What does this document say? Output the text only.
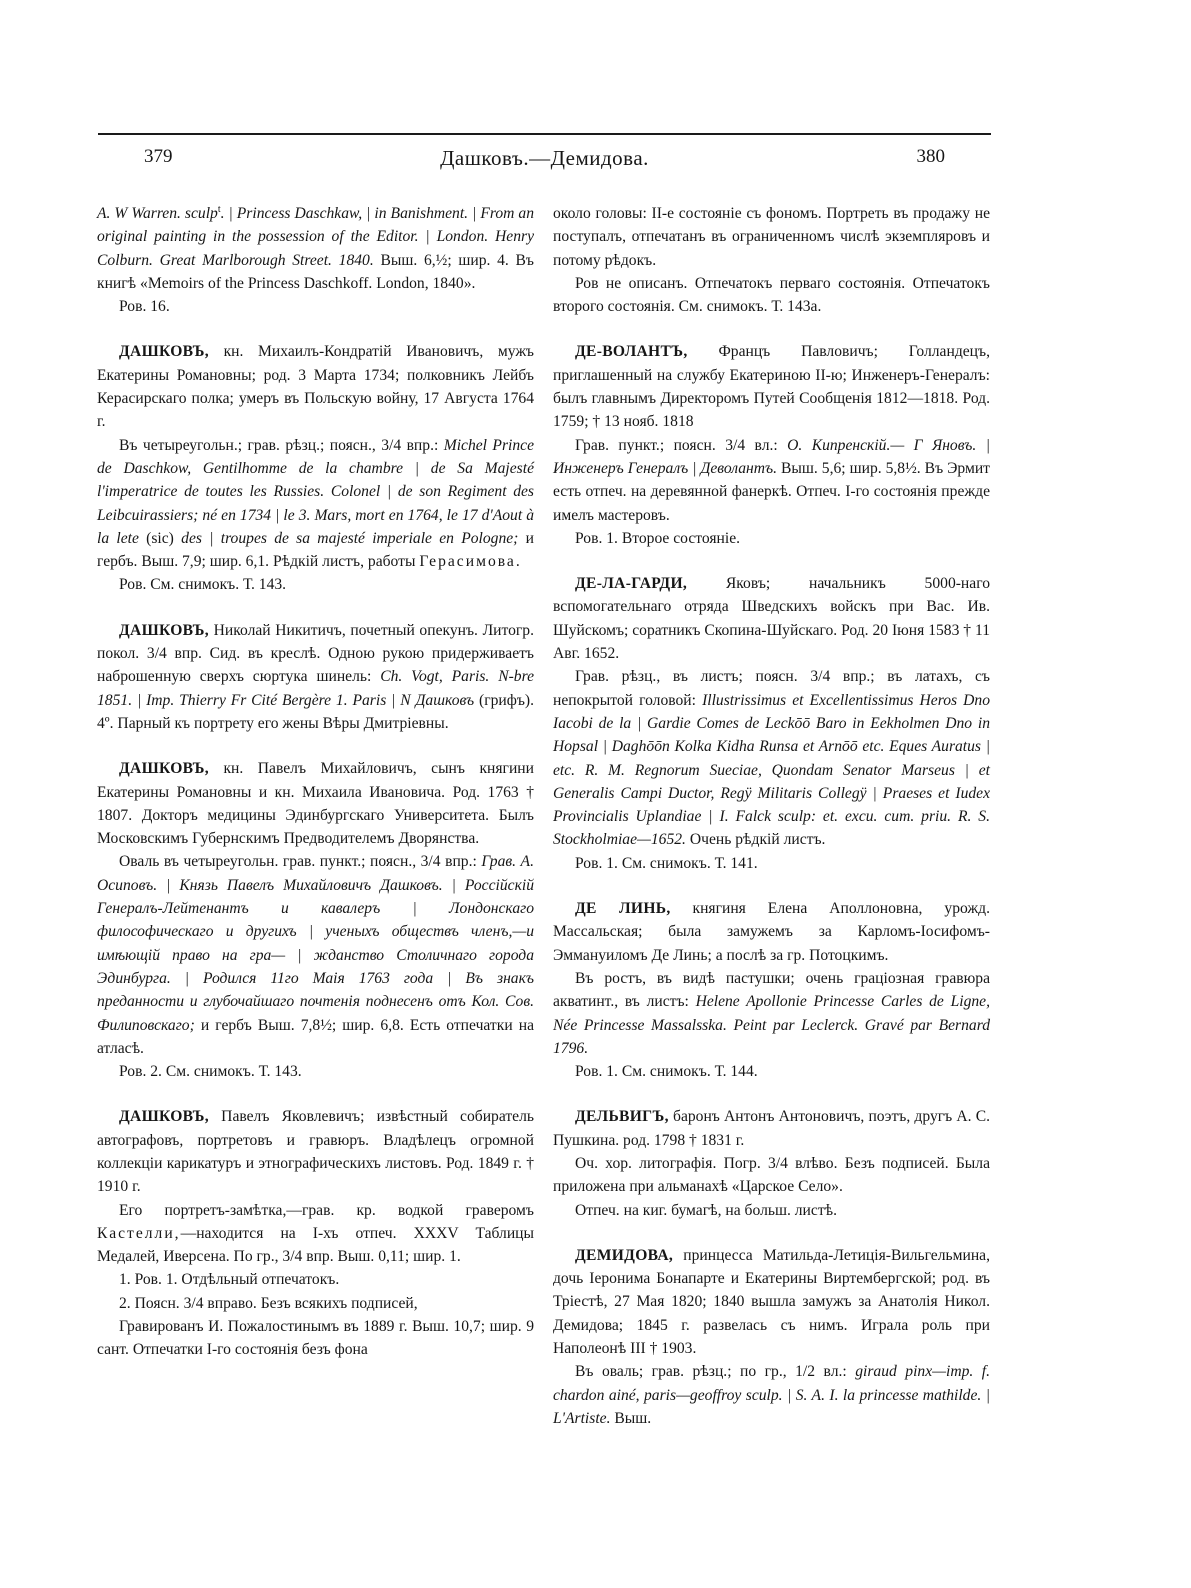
379	Дашковъ.—Демидова.	380

A. W Warren. sculp$^t$. | Princess Daschkaw, | in Banishment. | From an original painting in the possession of the Editor. | London. Henry Colburn. Great Marlborough Street. 1840. Выш. 6,½; шир. 4. Въ книгѣ «Memoirs of the Princess Daschkoff. London, 1840».

Ров. 16.

ДАШКОВЪ, кн. Михаилъ-Кондратiй Ивановичъ, мужъ Екатерины Романовны; род. 3 Марта 1734; полковникъ Лейбъ Керасирскаго полка; умеръ въ Польскую войну, 17 Августа 1764 г.

Въ четыреугольн.; грав. рѣзц.; поясн., 3/4 впр.: Michel Prince de Daschkow, Gentilhomme de la chambre | de Sa Majesté l'imperatrice de toutes les Russies. Colonel | de son Regiment des Leibcuirassiers; né en 1734 | le 3. Mars, mort en 1764, le 17 d'Aout à la lete (sic) des | troupes de sa majesté imperiale en Pologne; и гербъ. Выш. 7,9; шир. 6,1. Рѣдкiй листъ, работы Герасимова.

Ров. См. снимокъ. Т. 143.

ДАШКОВЪ, Николай Никитичъ, почетный опекунъ. Литогр. покол. 3/4 впр. Сид. въ креслѣ. Одною рукою придерживаетъ наброшенную сверхъ сюртука шинель: Ch. Vogt, Paris. N-bre 1851. | Imp. Thierry Fr Cité Bergère 1. Paris | N Дашковъ (грифъ). 4º. Парный къ портрету его жены Вѣры Дмитрiевны.

ДАШКОВЪ, кн. Павелъ Михайловичъ, сынъ княгини Екатерины Романовны и кн. Михаила Ивановича. Род. 1763 † 1807. Докторъ медицины Эдинбургскаго Университета. Былъ Московскимъ Губернскимъ Предводителемъ Дворянства.

Оваль въ четыреугольн. грав. пункт.; поясн., 3/4 впр.: Грав. А. Осиповъ. | Князь Павелъ Михайловичъ Дашковъ. | Россiйскiй Генералъ-Лейтенантъ и кавалеръ | Лондонскаго философическаго и другихъ | ученыхъ обществъ членъ,—и имѣющiй право на гра— | жданство Столичнаго города Эдинбурга. | Родился 11го Маiя 1763 года | Въ знакъ преданности и глубочайшаго почтенiя поднесенъ отъ Кол. Сов. Филиповскаго; и гербъ Выш. 7,8½; шир. 6,8. Есть отпечатки на атласѣ.

Ров. 2. См. снимокъ. Т. 143.

ДАШКОВЪ, Павелъ Яковлевичъ; извѣстный собиратель автографовъ, портретовъ и гравюръ. Владѣлецъ огромной коллекцiи карикатуръ и этнографическихъ листовъ. Род. 1849 г. † 1910 г.

Его портретъ-замѣтка,—грав. кр. водкой граверомъ Кастелли,—находится на I-хъ отпеч. XXXV Таблицы Медалей, Иверсена. По гр., 3/4 впр. Выш. 0,11; шир. 1.

1. Ров. 1. Отдѣльный отпечатокъ.

2. Поясн. 3/4 вправо. Безъ всякихъ подписей,

Гравированъ И. Пожалостинымъ въ 1889 г. Выш. 10,7; шир. 9 сант. Отпечатки I-го состоянiя безъ фона

около головы: II-е состоянiе съ фономъ. Портреть въ продажу не поступалъ, отпечатанъ въ ограниченномъ числѣ экземпляровъ и потому рѣдокъ.

Ров не описанъ. Отпечатокъ перваго состоянiя. Отпечатокъ второго состоянiя. См. снимокъ. Т. 143а.

ДЕ-ВОЛАНТЪ, Францъ Павловичъ; Голландецъ, приглашенный на службу Екатериною II-ю; Инженеръ-Генералъ: былъ главнымъ Директоромъ Путей Сообщенiя 1812—1818. Род. 1759; † 13 нояб. 1818

Грав. пункт.; поясн. 3/4 вл.: О. Кипренскiй.— Г Яновъ. | Инженеръ Генералъ | Деволантъ. Выш. 5,6; шир. 5,8½. Въ Эрмит есть отпеч. на деревянной фанеркѣ. Отпеч. I-го состоянiя прежде имелъ мастеровъ.

Ров. 1. Второе состоянiе.

ДЕ-ЛА-ГАРДИ, Яковъ; начальникъ 5000-наго вспомогательнаго отряда Шведскихъ войскъ при Вас. Ив. Шуйскомъ; соратникъ Скопина-Шуйскаго. Род. 20 Iюня 1583 † 11 Авг. 1652.

Грав. рѣзц., въ листъ; поясн. 3/4 впр.; въ латахъ, съ непокрытой головой: Illustrissimus et Excellentissimus Heros Dno Iacobi de la | Gardie Comes de Leckōō Baro in Eekholmen Dno in Hopsal | Daghōōn Kolka Kidha Runsa et Arnōō etc. Eques Auratus | etc. R. M. Regnorum Sueciae, Quondam Senator Marseus | et Generalis Campi Ductor, Regÿ Militaris Collegÿ | Praeses et Iudex Provincialis Uplandiae | I. Falck sculp: et. excu. cum. priu. R. S. Stockholmiae—1652. Очень рѣдкiй листъ.

Ров. 1. См. снимокъ. Т. 141.

ДЕ ЛИНЬ, княгиня Елена Аполлоновна, урожд. Массальская; была замужемъ за Карломъ-Iосифомъ-Эммануиломъ Де Линь; а послѣ за гр. Потоцкимъ.

Въ ростъ, въ видѣ пастушки; очень грацiозная гравюра акватинт., въ листъ: Helene Apollonie Princesse Carles de Ligne, Née Princesse Massalsska. Peint par Leclerck. Gravé par Bernard 1796.

Ров. 1. См. снимокъ. Т. 144.

ДЕЛЬВИГЪ, баронъ Антонъ Антоновичъ, поэтъ, другъ А. С. Пушкина. род. 1798 † 1831 г.

Оч. хор. литографiя. Погр. 3/4 влѣво. Безъ подписей. Была приложена при альманахѣ «Царское Село».

Отпеч. на киг. бумагѣ, на больш. листѣ.

ДЕМИДОВА, принцесса Матильда-Летицiя-Вильгельмина, дочь Iеронима Бонапарте и Екатерины Виртембергской; род. въ Трiестѣ, 27 Мая 1820; 1840 вышла замужъ за Анатолiя Никол. Демидова; 1845 г. развелась съ нимъ. Играла роль при Наполеонѣ III † 1903.

Въ оваль; грав. рѣзц.; по гр., 1/2 вл.: giraud pinx—imp. f. chardon ainé, paris—geoffroy sculp. | S. A. I. la princesse mathilde. | L'Artiste. Выш.
